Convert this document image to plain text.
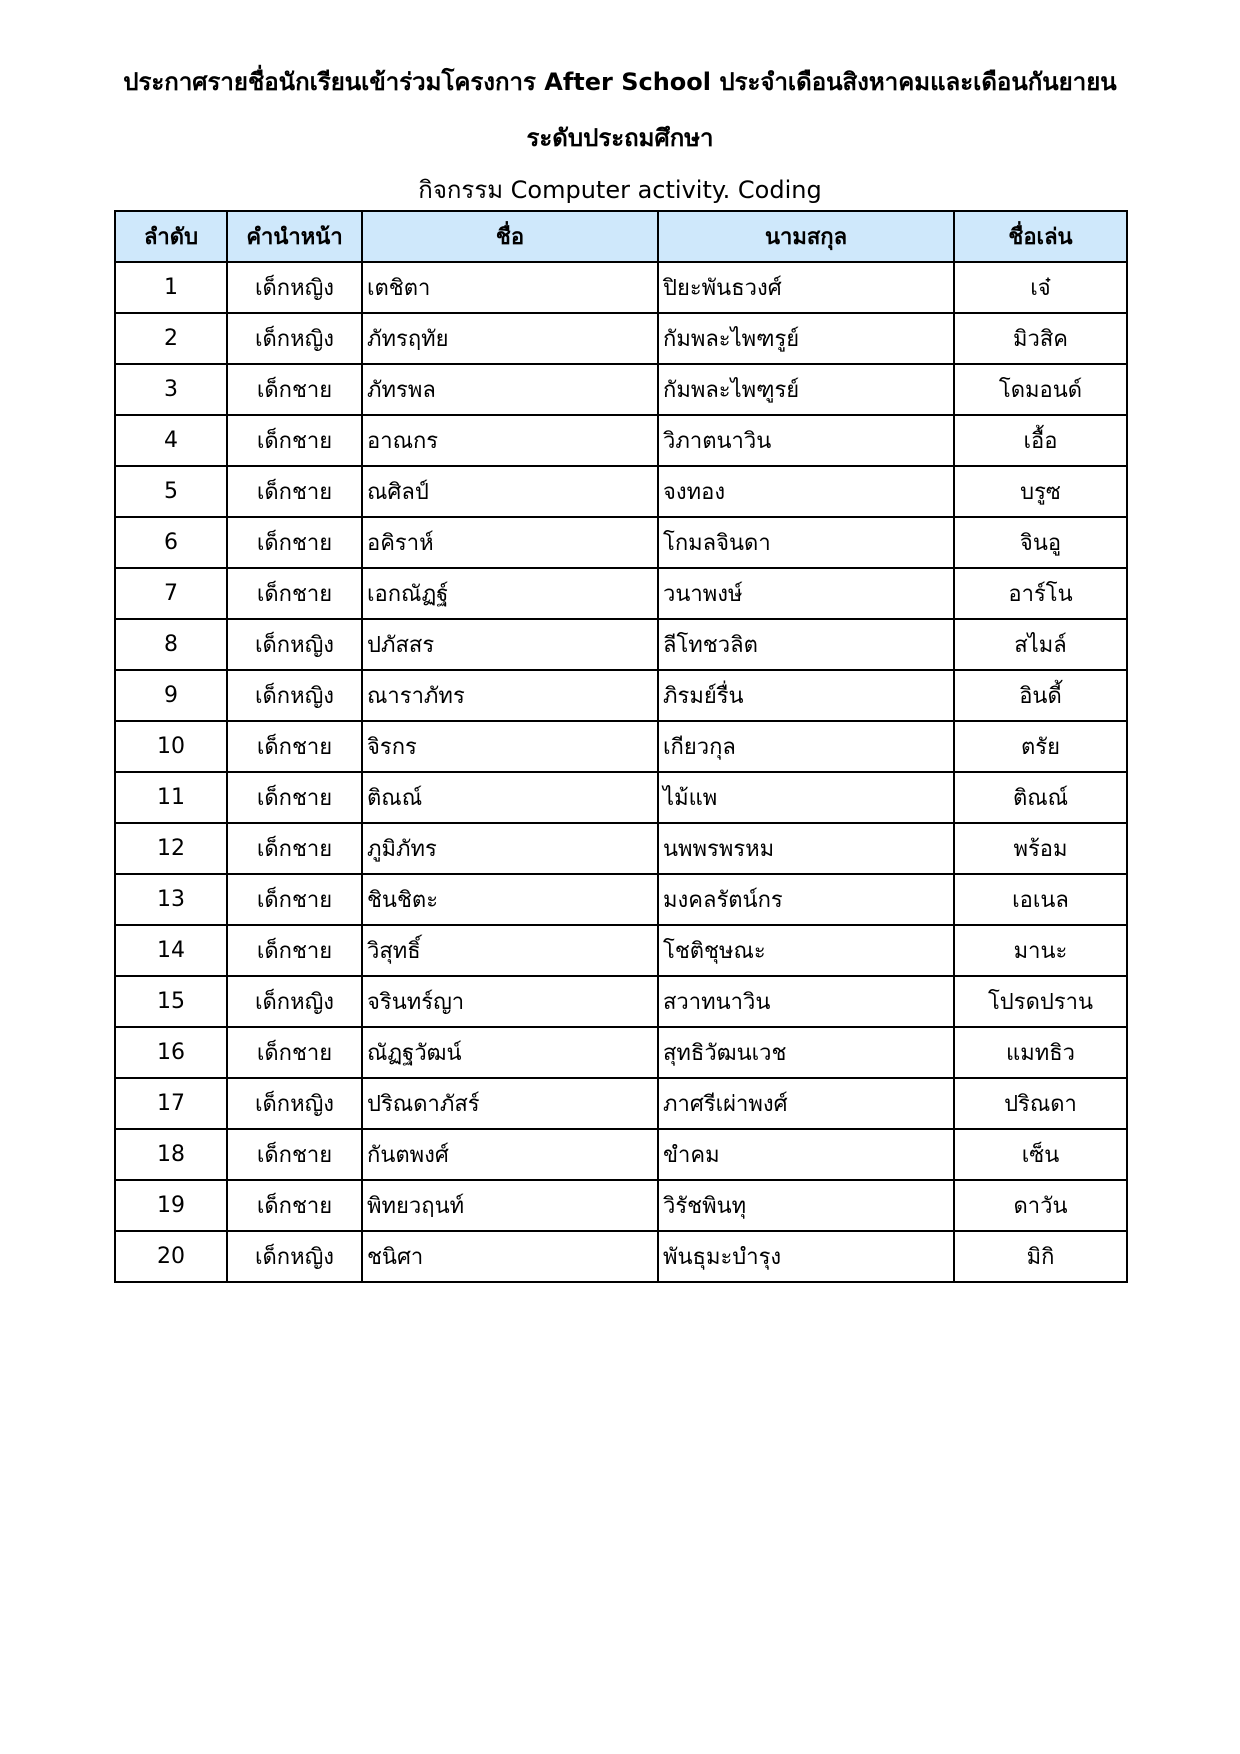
ประกาศรายชื่อนักเรียนเข้าร่วมโครงการ After School ประจำเดือนสิงหาคมและเดือนกันยายน
ระดับประถมศึกษา
กิจกรรม Computer activity. Coding
ลำดับ	คำนำหน้า	ชื่อ	นามสกุล	ชื่อเล่น
1	เด็กหญิง	เตชิตา	ปิยะพันธวงศ์	เจ๋
2	เด็กหญิง	ภัทรฤทัย	กัมพละไพฑรูย์	มิวสิค
3	เด็กชาย	ภัทรพล	กัมพละไพฑูรย์	โดมอนด์
4	เด็กชาย	อาณกร	วิภาตนาวิน	เอื้อ
5	เด็กชาย	ณศิลป์	จงทอง	บรูซ
6	เด็กชาย	อคิราห์	โกมลจินดา	จินอู
7	เด็กชาย	เอกณัฏฐ์	วนาพงษ์	อาร์โน
8	เด็กหญิง	ปภัสสร	ลีโทชวลิต	สไมล์
9	เด็กหญิง	ณาราภัทร	ภิรมย์รื่น	อินดี้
10	เด็กชาย	จิรกร	เกียวกุล	ตรัย
11	เด็กชาย	ติณณ์	ไม้แพ	ติณณ์
12	เด็กชาย	ภูมิภัทร	นพพรพรหม	พร้อม
13	เด็กชาย	ชินชิตะ	มงคลรัตน์กร	เอเนล
14	เด็กชาย	วิสุทธิ์	โชติชุษณะ	มานะ
15	เด็กหญิง	จรินทร์ญา	สวาทนาวิน	โปรดปราน
16	เด็กชาย	ณัฏฐวัฒน์	สุทธิวัฒนเวช	แมทธิว
17	เด็กหญิง	ปริณดาภัสร์	ภาศรีเผ่าพงศ์	ปริณดา
18	เด็กชาย	กันตพงศ์	ขำคม	เซ็น
19	เด็กชาย	พิทยวฤนท์	วิรัชพินทุ	ดาวัน
20	เด็กหญิง	ชนิศา	พันธุมะบำรุง	มิกิ
